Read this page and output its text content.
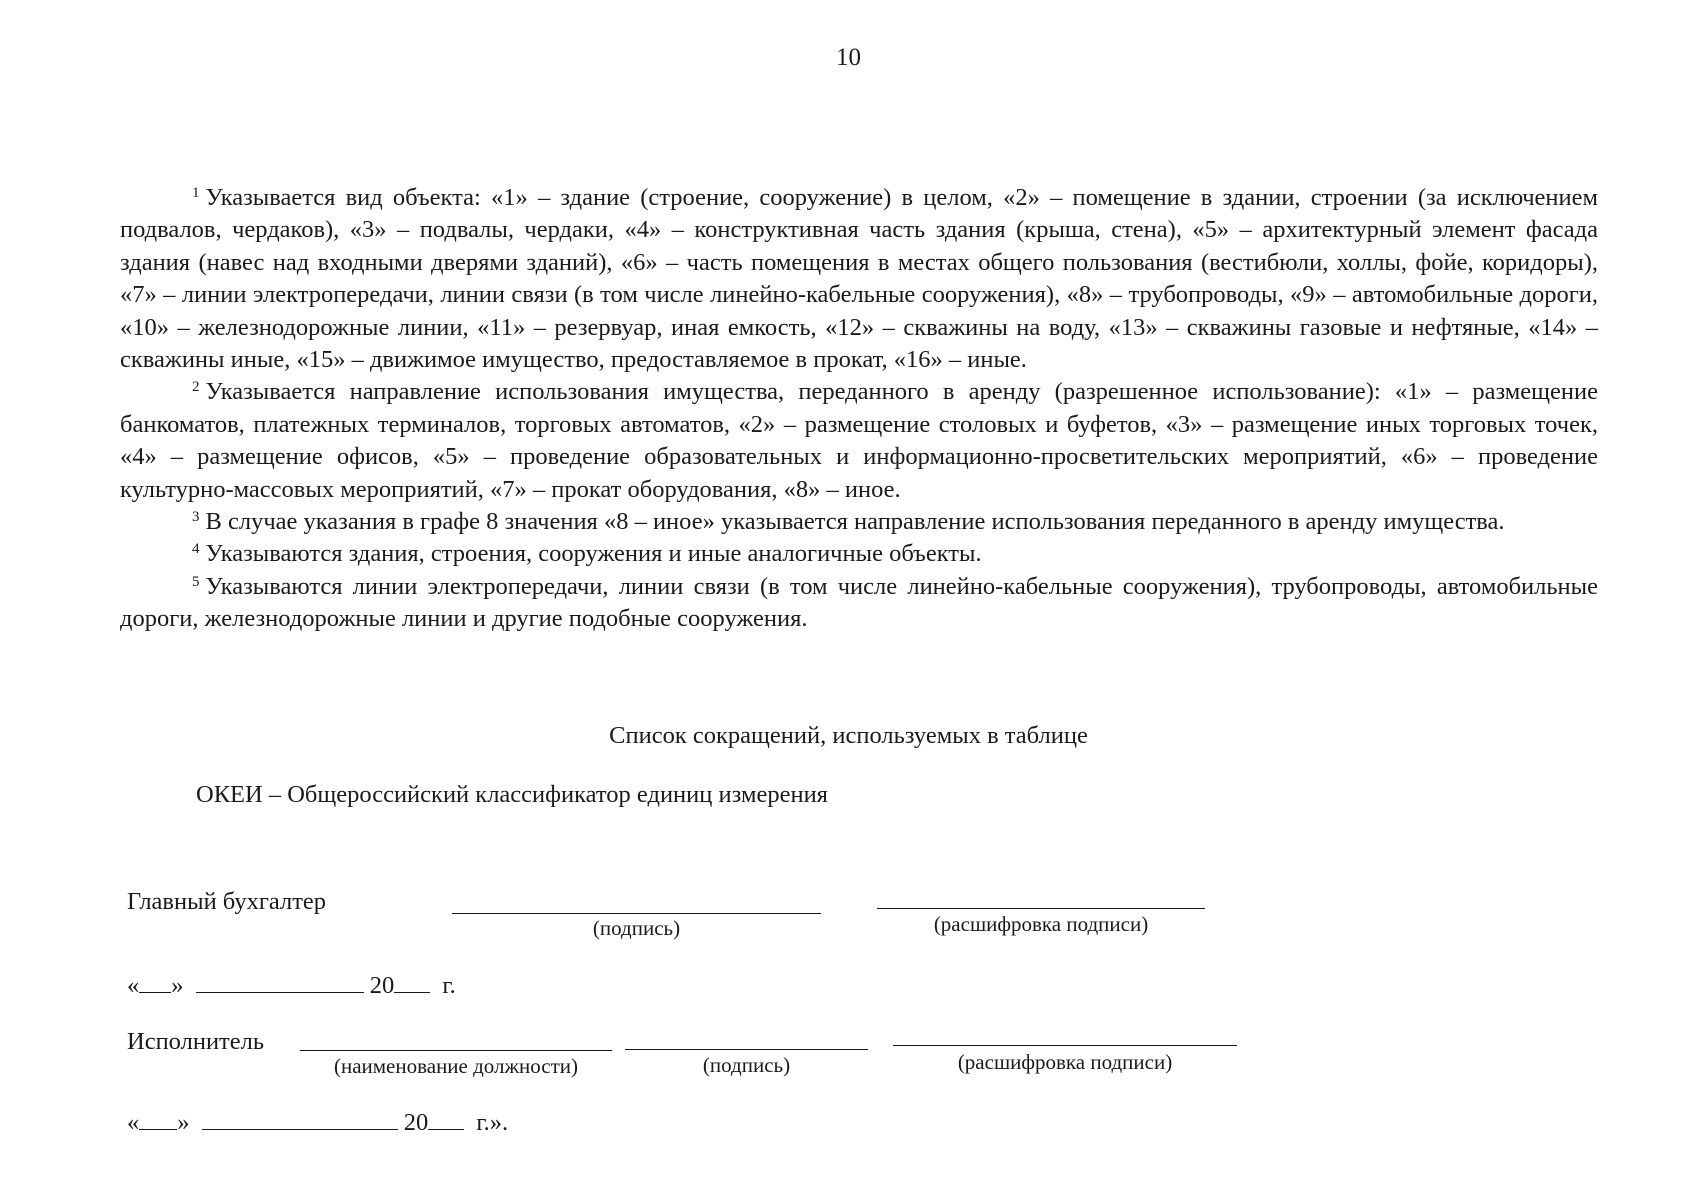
10

$^1$ Указывается вид объекта: «1» – здание (строение, сооружение) в целом, «2» – помещение в здании, строении (за исключением подвалов, чердаков), «3» – подвалы, чердаки, «4» – конструктивная часть здания (крыша, стена), «5» – архитектурный элемент фасада здания (навес над входными дверями зданий), «6» – часть помещения в местах общего пользования (вестибюли, холлы, фойе, коридоры), «7» – линии электропередачи, линии связи (в том числе линейно-кабельные сооружения), «8» – трубопроводы, «9» – автомобильные дороги, «10» – железнодорожные линии, «11» – резервуар, иная емкость, «12» – скважины на воду, «13» – скважины газовые и нефтяные, «14» – скважины иные, «15» – движимое имущество, предоставляемое в прокат, «16» – иные.

$^2$ Указывается направление использования имущества, переданного в аренду (разрешенное использование): «1» – размещение банкоматов, платежных терминалов, торговых автоматов, «2» – размещение столовых и буфетов, «3» – размещение иных торговых точек, «4» – размещение офисов, «5» – проведение образовательных и информационно-просветительских мероприятий, «6» – проведение культурно-массовых мероприятий, «7» – прокат оборудования, «8» – иное.

$^3$ В случае указания в графе 8 значения «8 – иное» указывается направление использования переданного в аренду имущества.

$^4$ Указываются здания, строения, сооружения и иные аналогичные объекты.

$^5$ Указываются линии электропередачи, линии связи (в том числе линейно-кабельные сооружения), трубопроводы, автомобильные дороги, железнодорожные линии и другие подобные сооружения.

Список сокращений, используемых в таблице
ОКЕИ – Общероссийский классификатор единиц измерения
Главный бухгалтер
(подпись)	(расшифровка подписи)
« »	20 г.
Исполнитель
(наименование должности)	(подпись)	(расшифровка подписи)
« »	20 г.».
